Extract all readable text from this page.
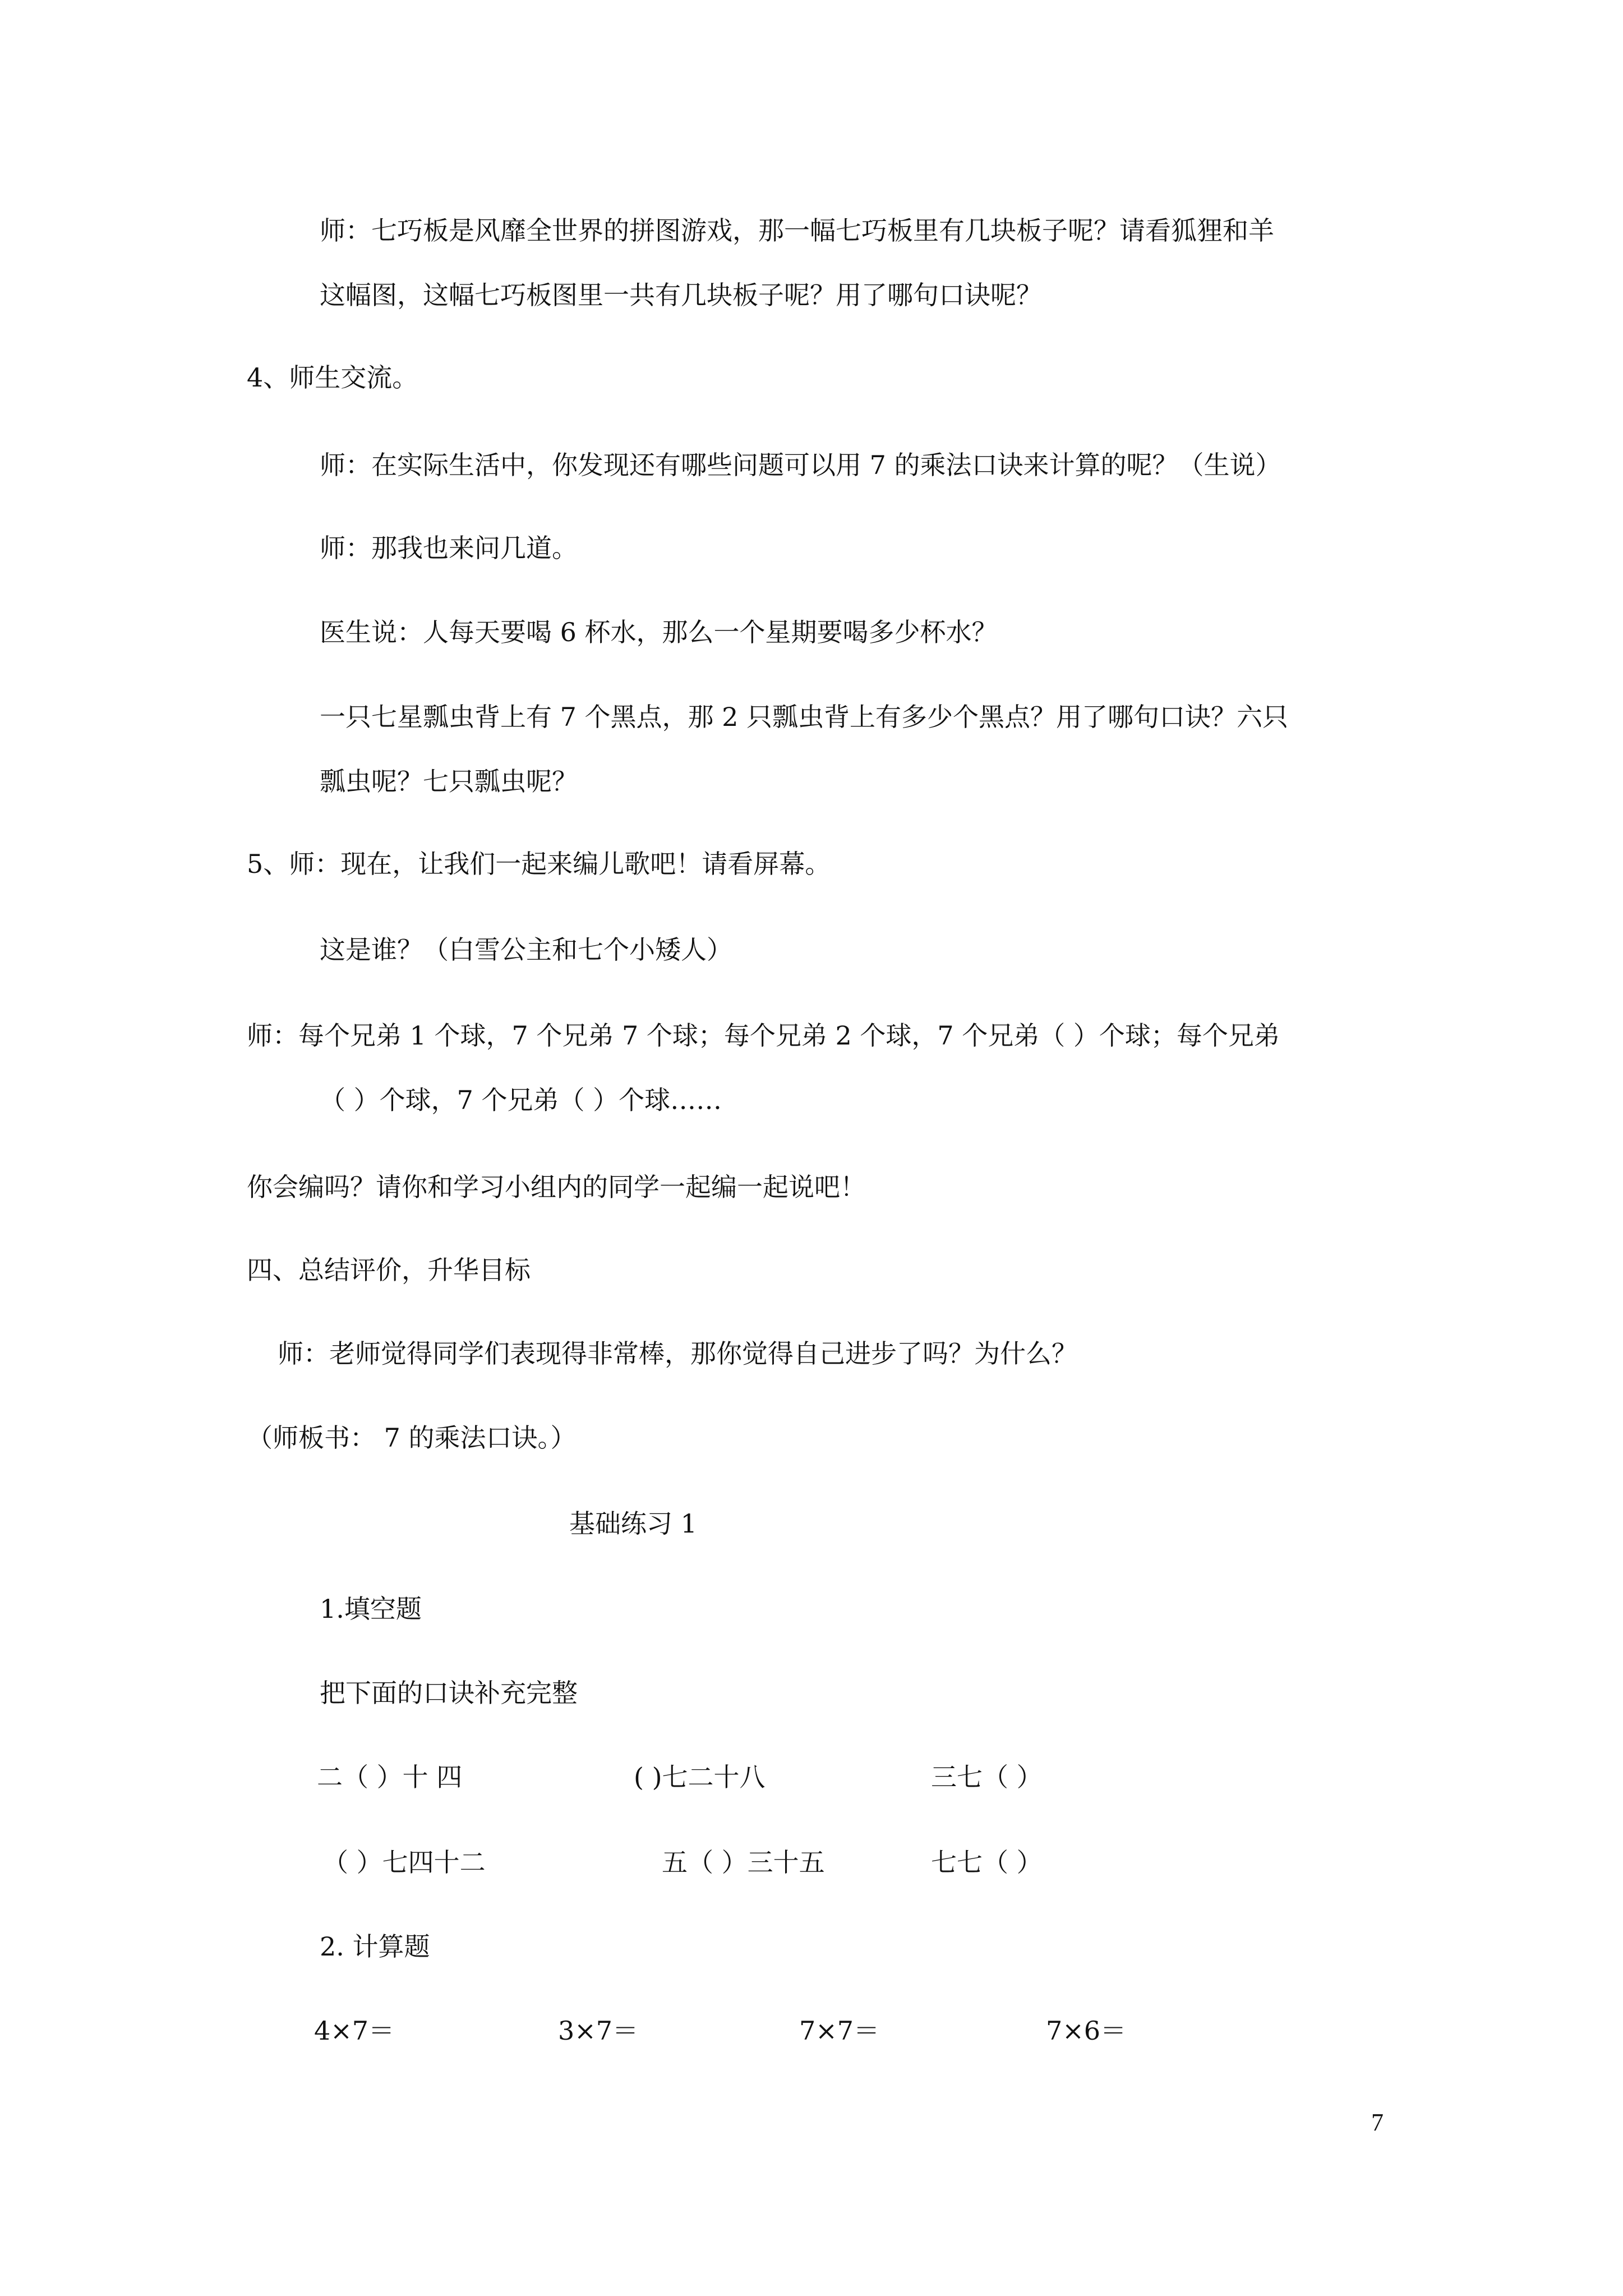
师：七巧板是风靡全世界的拼图游戏，那一幅七巧板里有几块板子呢？请看狐狸和羊
这幅图，这幅七巧板图里一共有几块板子呢？用了哪句口诀呢？
4、师生交流。
师：在实际生活中，你发现还有哪些问题可以用 7 的乘法口诀来计算的呢？（生说）
师：那我也来问几道。
医生说：人每天要喝 6 杯水，那么一个星期要喝多少杯水？
一只七星瓢虫背上有 7 个黑点，那 2 只瓢虫背上有多少个黑点？用了哪句口诀？六只
瓢虫呢？七只瓢虫呢？
5、师：现在，让我们一起来编儿歌吧！请看屏幕。
这是谁？（白雪公主和七个小矮人）
师：每个兄弟 1 个球，7 个兄弟 7 个球；每个兄弟 2 个球，7 个兄弟（ ）个球；每个兄弟
（ ）个球，7 个兄弟（ ）个球……
你会编吗？请你和学习小组内的同学一起编一起说吧！
四、总结评价，升华目标
师：老师觉得同学们表现得非常棒，那你觉得自己进步了吗？为什么？
（师板书： 7 的乘法口诀。）
基础练习 1
1.填空题
把下面的口诀补充完整
二（ ）十 四	( )七二十八	三七（ ）
（ ）七四十二	五（ ）三十五	七七（ ）
2. 计算题
4×7＝	3×7＝	7×7＝	7×6＝
7
